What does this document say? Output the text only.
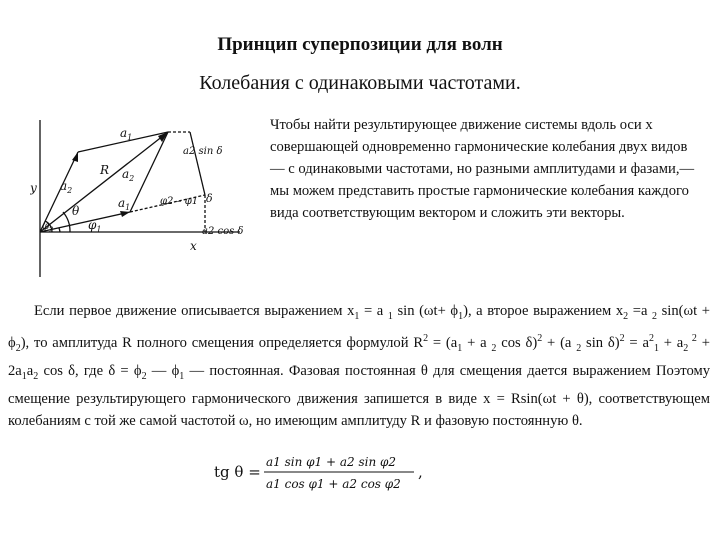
Принцип суперпозиции для волн
Колебания с одинаковыми частотами.
y
x
R
$a_2$
$a_2$
$a_1$
$a_1$
θ
$\varphi_1$
$\varphi_2$
φ2 – φ1 δ
a2 sin δ
a2 cos δ
Чтобы найти результирующее движение системы вдоль оси x совершающей одновременно гармонические колебания двух видов— с одинаковыми частотами, но разными амплитудами и фазами,— мы можем представить простые гармонические колебания каждого вида соответствующим вектором и сложить эти векторы.
Если первое движение описывается выражением $x_1 = a$ $_1$ $\sin (\omega t+ \phi_1)$, а второе выражением $x_2 =a$ $_2$ $\sin(\omega t + \phi_2)$, то амплитуда R полного смещения определяется формулой $R^2 = (a_1 + a$ $_2$ cos δ)$^2$ + (a $_2$ $\sin \delta)^2 = a^2_1 + a_2$ $^2 + 2a_1a_2$ cos δ, где $\delta = \phi_2$ — $\phi_1$ — постоянная. Фазовая постоянная θ для смещения дается выражением Поэтому смещение результирующего гармонического движения запишется в виде x = Rsin(ωt + θ), соответствующем колебаниям с той же самой частотой ω, но имеющим амплитуду R и фазовую постоянную θ.
tg θ =
a1 sin φ1 + a2 sin φ2
a1 cos φ1 + a2 cos φ2
,
